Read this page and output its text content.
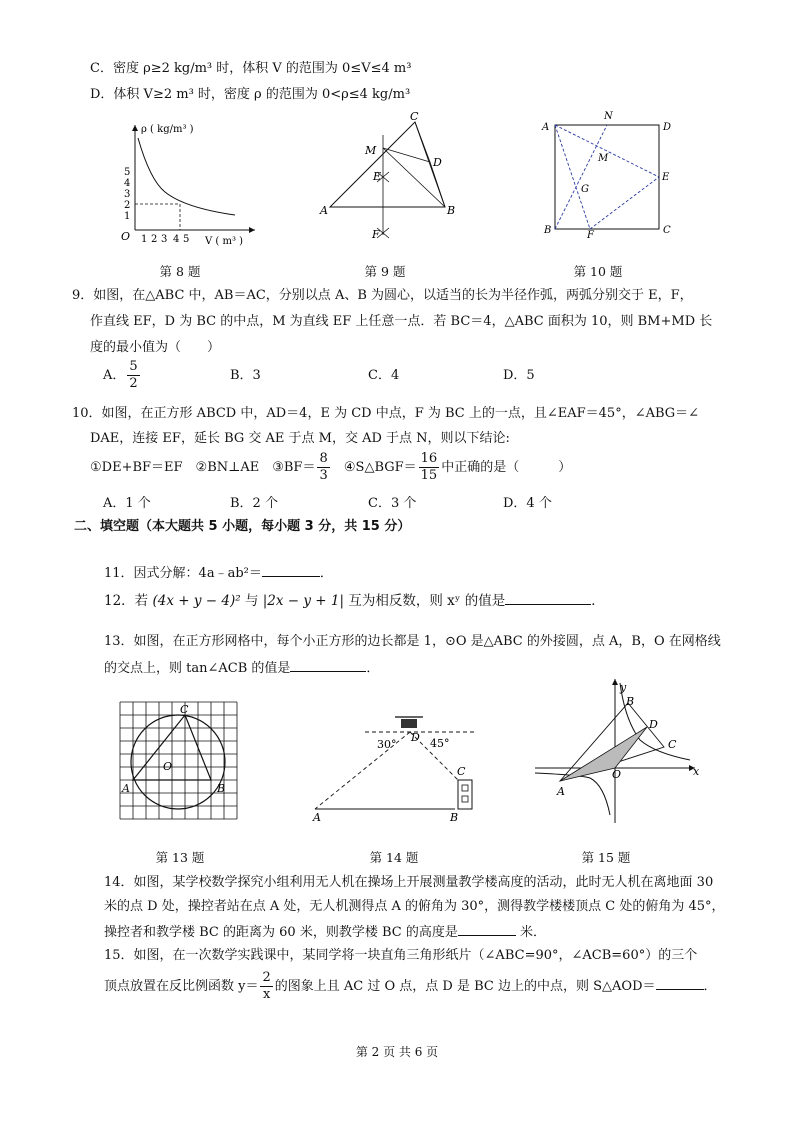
C．密度 ρ≥2 kg/m³ 时，体积 V 的范围为 0≤V≤4 m³
D．体积 V≥2 m³ 时，密度 ρ 的范围为 0<ρ≤4 kg/m³
ρ ( kg/m³ )
V ( m³ )
O
5
4
3
2
1
1 2 3 4 5
第 8 题
A	B
C
D
M
E
F
第 9 题
A
B	C
D
N
M
E
G
F
第 10 题
9．如图，在△ABC 中，AB＝AC，分别以点 A、B 为圆心，以适当的长为半径作弧，两弧分别交于 E，F，
作直线 EF，D 为 BC 的中点，M 为直线 EF 上任意一点．若 BC＝4，△ABC 面积为 10，则 BM+MD 长
度的最小值为（　　）
A． $\frac{5}{2}$	B．3	C．4	D．5
10．如图，在正方形 ABCD 中，AD＝4，E 为 CD 中点，F 为 BC 上的一点，且∠EAF＝45°，∠ABG＝∠
DAE，连接 EF，延长 BG 交 AE 于点 M，交 AD 于点 N，则以下结论:
①DE+BF＝EF　②BN⊥AE　③BF＝ $\frac{8}{3}$ ④S△BGF＝ $\frac{16}{15}$ 中正确的是（　　　）
A．1 个	B．2 个	C．3 个	D．4 个
二、填空题（本大题共 5 小题，每小题 3 分，共 15 分）
11．因式分解：4a﹣ab²＝	．
12．若 (4x + y − 4)² 与 |2x − y + 1| 互为相反数，则 xʸ 的值是	．
13．如图，在正方形网格中，每个小正方形的边长都是 1，⊙O 是△ABC 的外接圆，点 A，B，O 在网格线
的交点上，则 tan∠ACB 的值是	．
A	B
C
O
第 13 题
30°	45°
D
C
A	B
第 14 题
y
x
B
D
C
O
A
第 15 题
14．如图，某学校数学探究小组利用无人机在操场上开展测量教学楼高度的活动，此时无人机在离地面 30
米的点 D 处，操控者站在点 A 处，无人机测得点 A 的俯角为 30°，测得教学楼楼顶点 C 处的俯角为 45°，
操控者和教学楼 BC 的距离为 60 米，则教学楼 BC 的高度是	米．
15．如图，在一次数学实践课中，某同学将一块直角三角形纸片（∠ABC=90°，∠ACB=60°）的三个
顶点放置在反比例函数 $y= \frac{2}{x}$ 的图象上且 AC 过 O 点，点 D 是 BC 边上的中点，则 S△AOD＝	．
第 2 页 共 6 页
